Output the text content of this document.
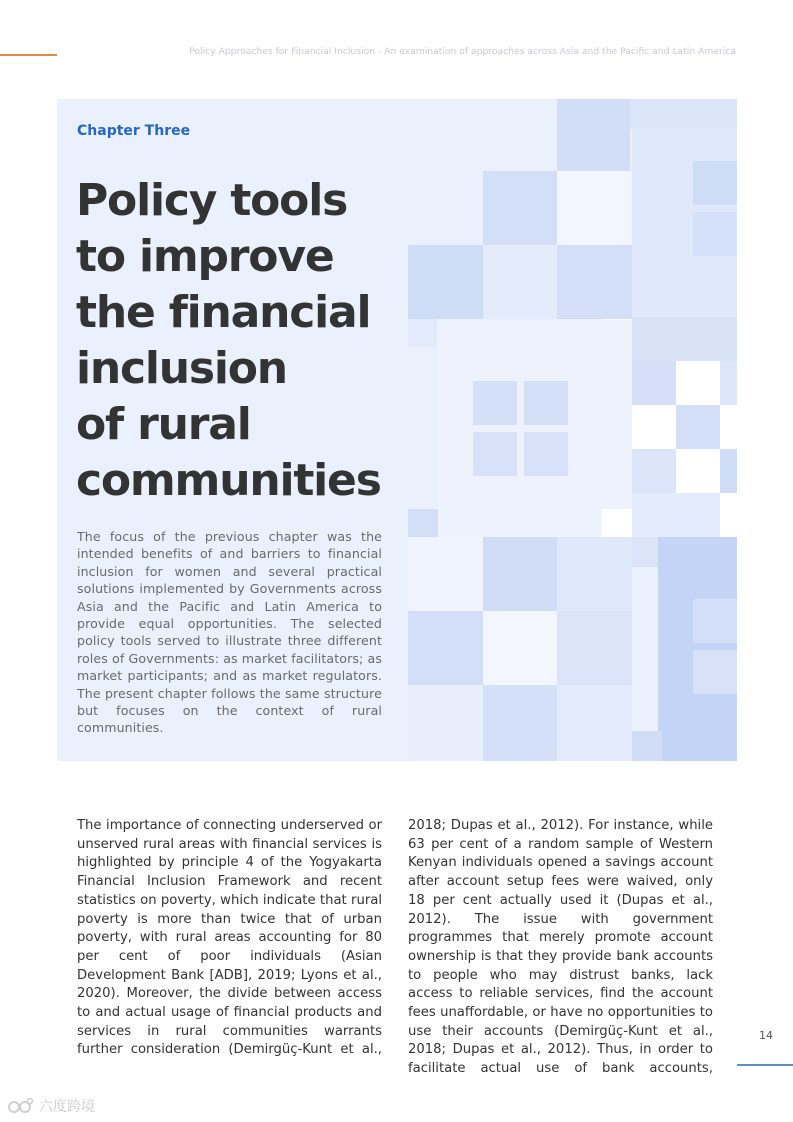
Policy Approaches for Financial Inclusion - An examination of approaches across Asia and the Pacific and Latin America
Chapter Three
Policy tools
to improve
the financial
inclusion
of rural
communities

The focus of the previous chapter was the intended benefits of and barriers to financial inclusion for women and several practical solutions implemented by Governments across Asia and the Pacific and Latin America to provide equal opportunities. The selected policy tools served to illustrate three different roles of Governments: as market facilitators; as market participants; and as market regulators. The present chapter follows the same structure but focuses on the context of rural communities.

The importance of connecting underserved or unserved rural areas with financial services is highlighted by principle 4 of the Yogyakarta Financial Inclusion Framework and recent statistics on poverty, which indicate that rural poverty is more than twice that of urban poverty, with rural areas accounting for 80 per cent of poor individuals (Asian Development Bank [ADB], 2019; Lyons et al., 2020). Moreover, the divide between access to and actual usage of financial products and services in rural communities warrants further consideration (Demirgüç-Kunt et al.,

2018; Dupas et al., 2012). For instance, while 63 per cent of a random sample of Western Kenyan individuals opened a savings account after account setup fees were waived, only 18 per cent actually used it (Dupas et al., 2012). The issue with government programmes that merely promote account ownership is that they provide bank accounts to people who may distrust banks, lack access to reliable services, find the account fees unaffordable, or have no opportunities to use their accounts (Demirgüç-Kunt et al., 2018; Dupas et al., 2012). Thus, in order to facilitate actual use of bank accounts,

14
六度跨境
